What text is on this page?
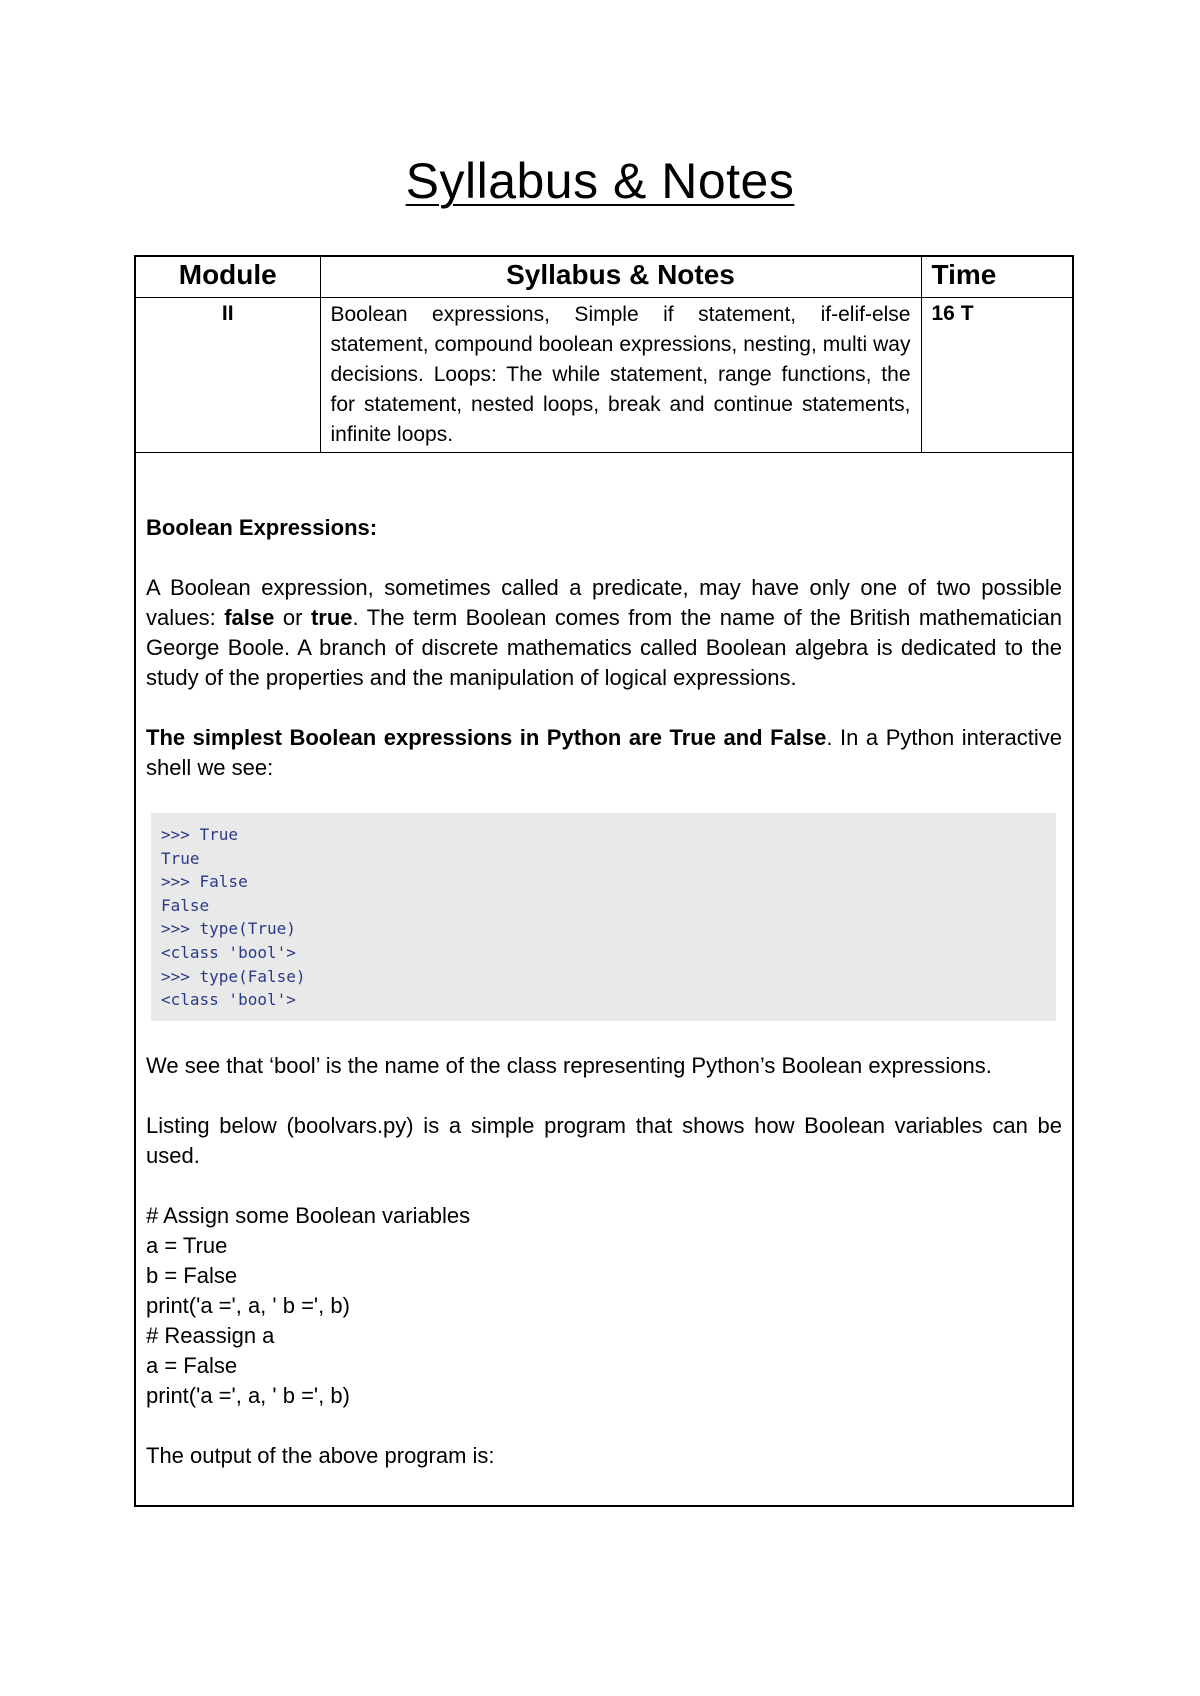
Syllabus & Notes
Module	Syllabus & Notes	Time
II	Boolean expressions, Simple if statement, if-elif-else statement, compound boolean expressions, nesting, multi way decisions. Loops: The while statement, range functions, the for statement, nested loops, break and continue statements, infinite loops.	16 T
Boolean Expressions:

A Boolean expression, sometimes called a predicate, may have only one of two possible values: false or true. The term Boolean comes from the name of the British mathematician George Boole. A branch of discrete mathematics called Boolean algebra is dedicated to the study of the properties and the manipulation of logical expressions.

The simplest Boolean expressions in Python are True and False. In a Python interactive shell we see:

>>> True
True
>>> False
False
>>> type(True)
<class 'bool'>
>>> type(False)
<class 'bool'>

We see that ‘bool’ is the name of the class representing Python’s Boolean expressions.

Listing below (boolvars.py) is a simple program that shows how Boolean variables can be used.

# Assign some Boolean variables

a = True

b = False

print('a =', a, ' b =', b)

# Reassign a

a = False

print('a =', a, ' b =', b)

The output of the above program is:
